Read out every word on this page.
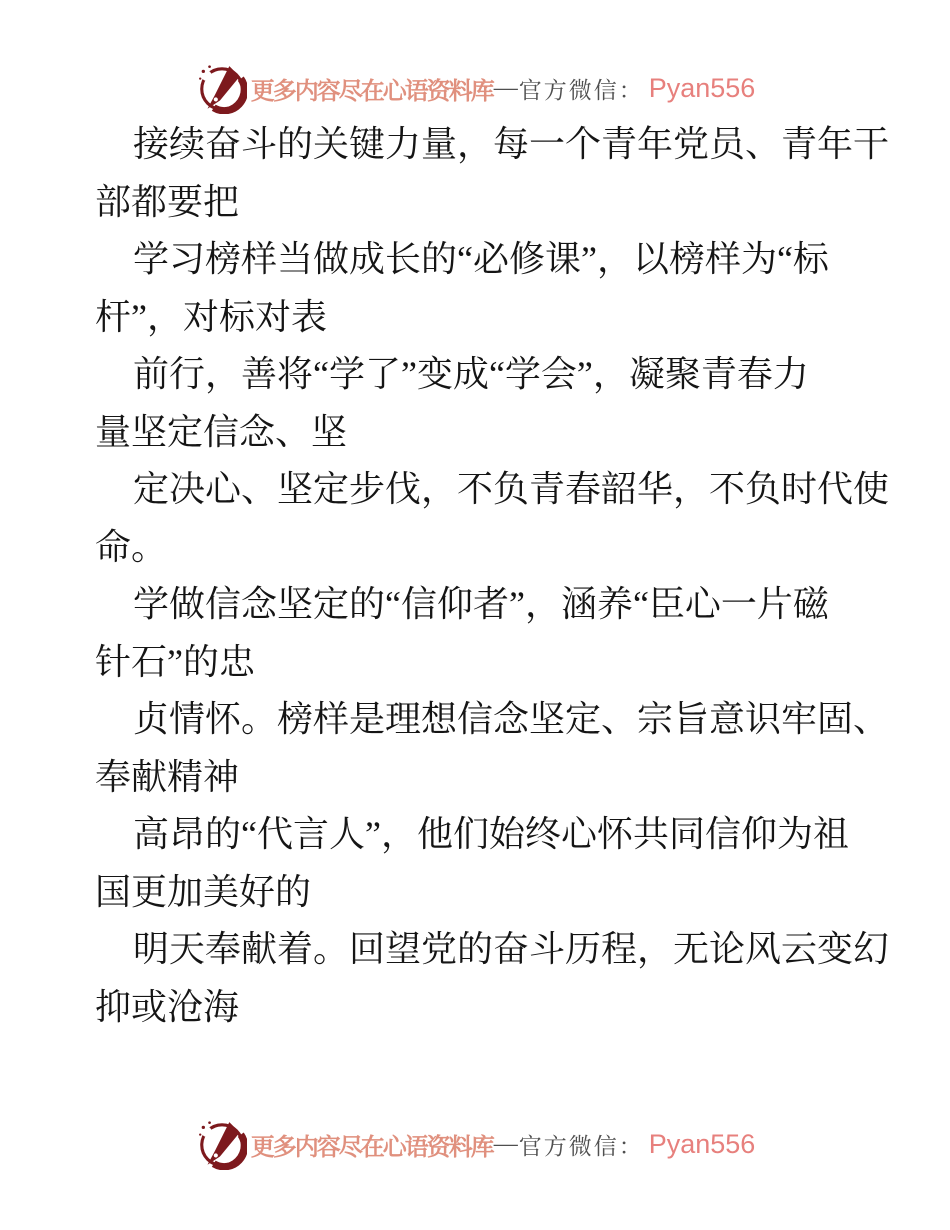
更多内容尽在心语资料库 — 官方微信： Pyan556

接续奋斗的关键力量，每一个青年党员、青年干
部都要把

学习榜样当做成长的“必修课”，以榜样为“标
杆”，对标对表

前行，善将“学了”变成“学会”，凝聚青春力
量坚定信念、坚

定决心、坚定步伐，不负青春韶华，不负时代使
命。

学做信念坚定的“信仰者”，涵养“臣心一片磁
针石”的忠

贞情怀。榜样是理想信念坚定、宗旨意识牢固、
奉献精神

高昂的“代言人”，他们始终心怀共同信仰为祖
国更加美好的

明天奉献着。回望党的奋斗历程，无论风云变幻
抑或沧海

更多内容尽在心语资料库 — 官方微信： Pyan556
